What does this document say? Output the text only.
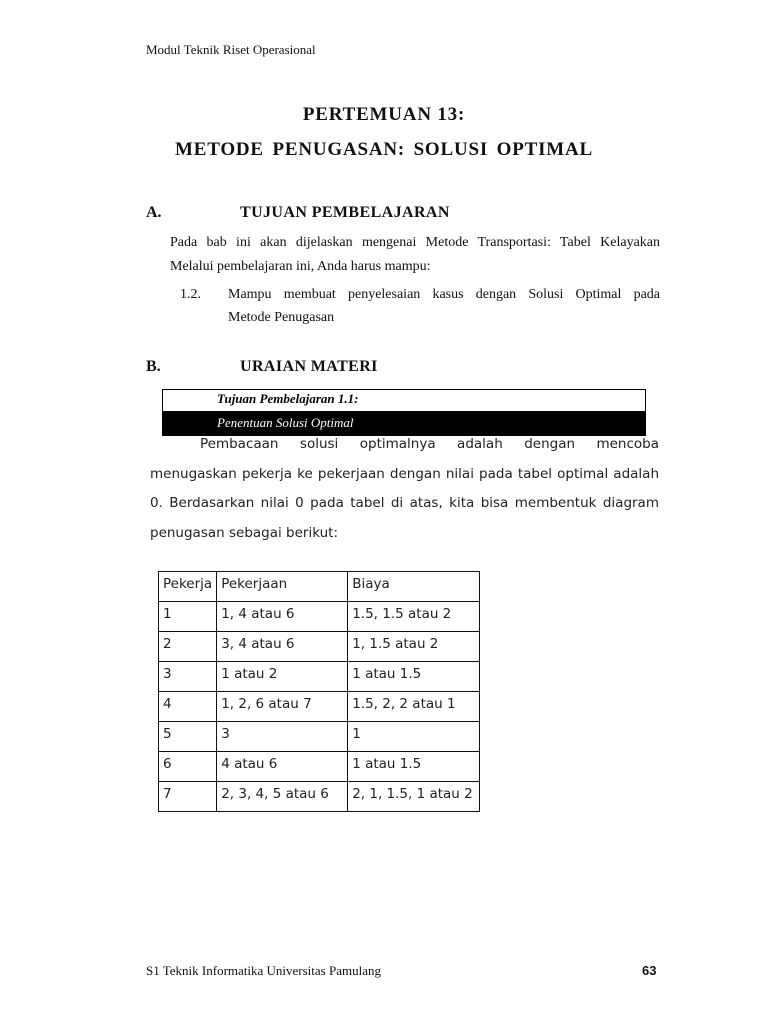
Modul Teknik Riset Operasional
PERTEMUAN 13:
METODE PENUGASAN: SOLUSI OPTIMAL
A.	TUJUAN PEMBELAJARAN
Pada bab ini akan dijelaskan mengenai Metode Transportasi: Tabel Kelayakan
Melalui pembelajaran ini, Anda harus mampu:
1.2. Mampu membuat penyelesaian kasus dengan Solusi Optimal pada
Metode Penugasan
B.	URAIAN MATERI
Tujuan Pembelajaran 1.1:
Penentuan Solusi Optimal
Pembacaan solusi optimalnya adalah dengan mencoba
menugaskan pekerja ke pekerjaan dengan nilai pada tabel optimal adalah
0. Berdasarkan nilai 0 pada tabel di atas, kita bisa membentuk diagram
penugasan sebagai berikut:
Pekerja	Pekerjaan	Biaya
1	1, 4 atau 6	1.5, 1.5 atau 2
2	3, 4 atau 6	1, 1.5 atau 2
3	1 atau 2	1 atau 1.5
4	1, 2, 6 atau 7	1.5, 2, 2 atau 1
5	3	1
6	4 atau 6	1 atau 1.5
7	2, 3, 4, 5 atau 6	2, 1, 1.5, 1 atau 2
S1 Teknik Informatika Universitas Pamulang	63
